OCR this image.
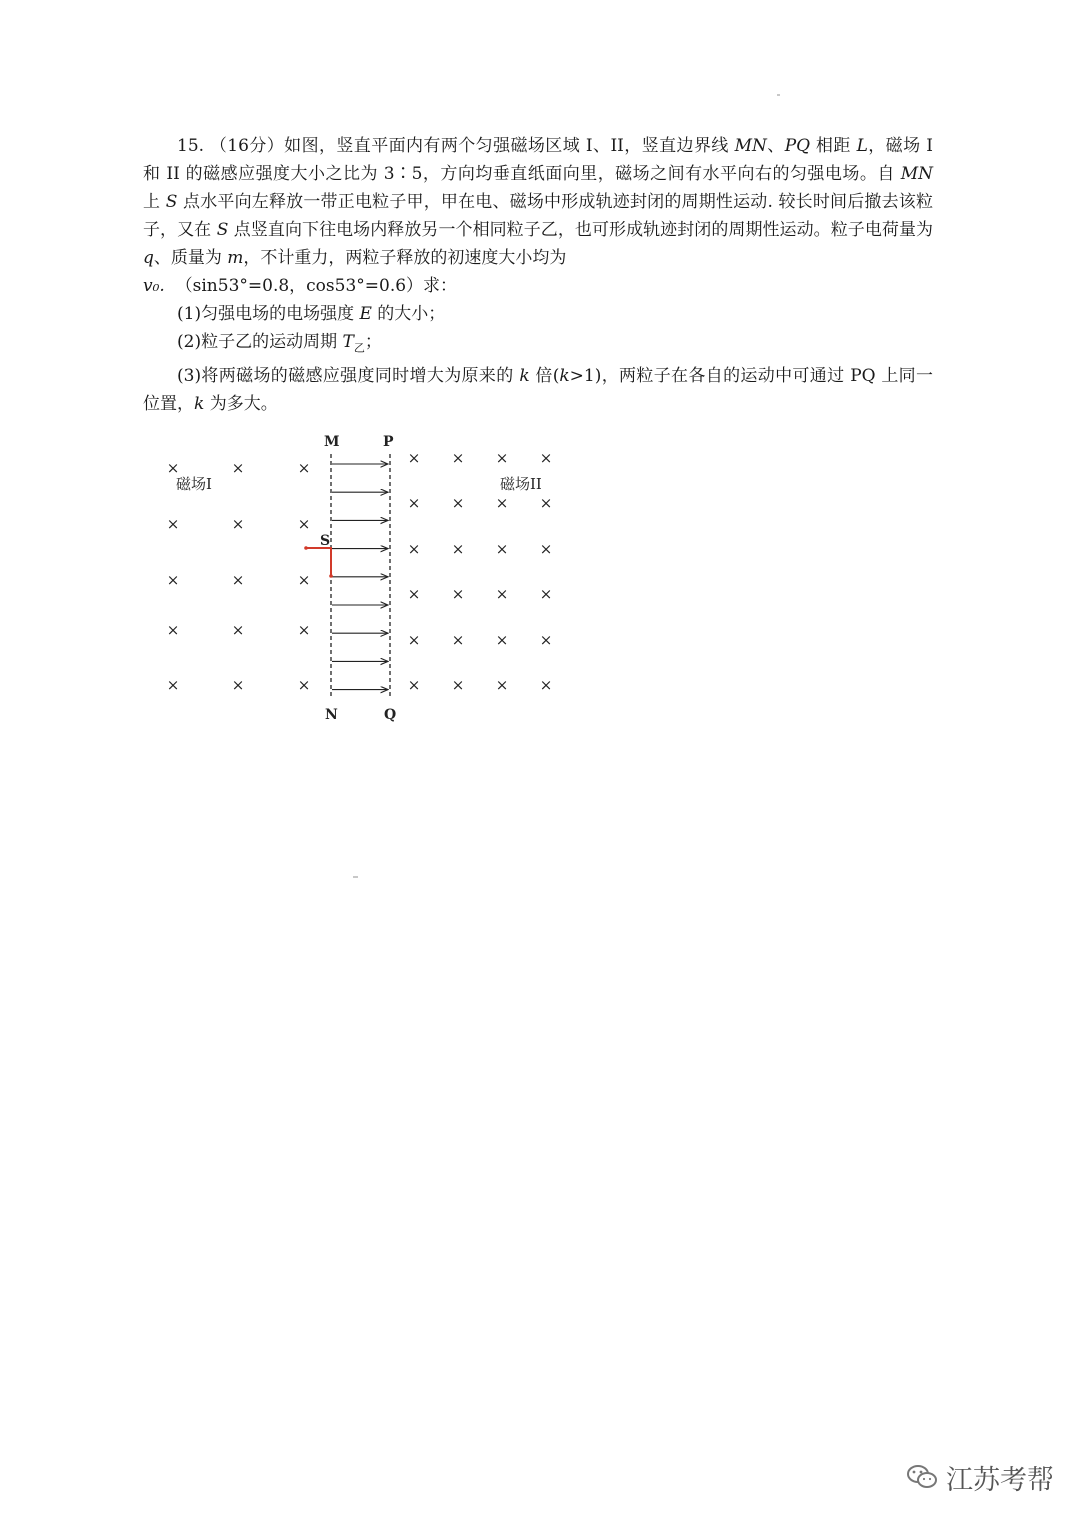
15. （16分）如图，竖直平面内有两个匀强磁场区域 I、II，竖直边界线 MN、PQ 相距 L，磁场 I 和 II 的磁感应强度大小之比为 3∶5，方向均垂直纸面向里，磁场之间有水平向右的匀强电场。自 MN 上 S 点水平向左释放一带正电粒子甲，甲在电、磁场中形成轨迹封闭的周期性运动. 较长时间后撤去该粒子，又在 S 点竖直向下往电场内释放另一个相同粒子乙，也可形成轨迹封闭的周期性运动。粒子电荷量为 q、质量为 m，不计重力，两粒子释放的初速度大小均为

v₀. （sin53°=0.8，cos53°=0.6）求：

(1)匀强电场的电场强度 E 的大小；

(2)粒子乙的运动周期 $T_乙$；

(3)将两磁场的磁感应强度同时增大为原来的 k 倍(k>1)，两粒子在各自的运动中可通过 PQ 上同一位置，k 为多大。

M	P
N	Q
×	×	×
×	×	×
×	×	×
×	×	×
×	×	×
× × × ×
× × × ×
× × × ×
× × × ×
× × × ×
× × × ×
磁场I	磁场II
S
江苏考帮
